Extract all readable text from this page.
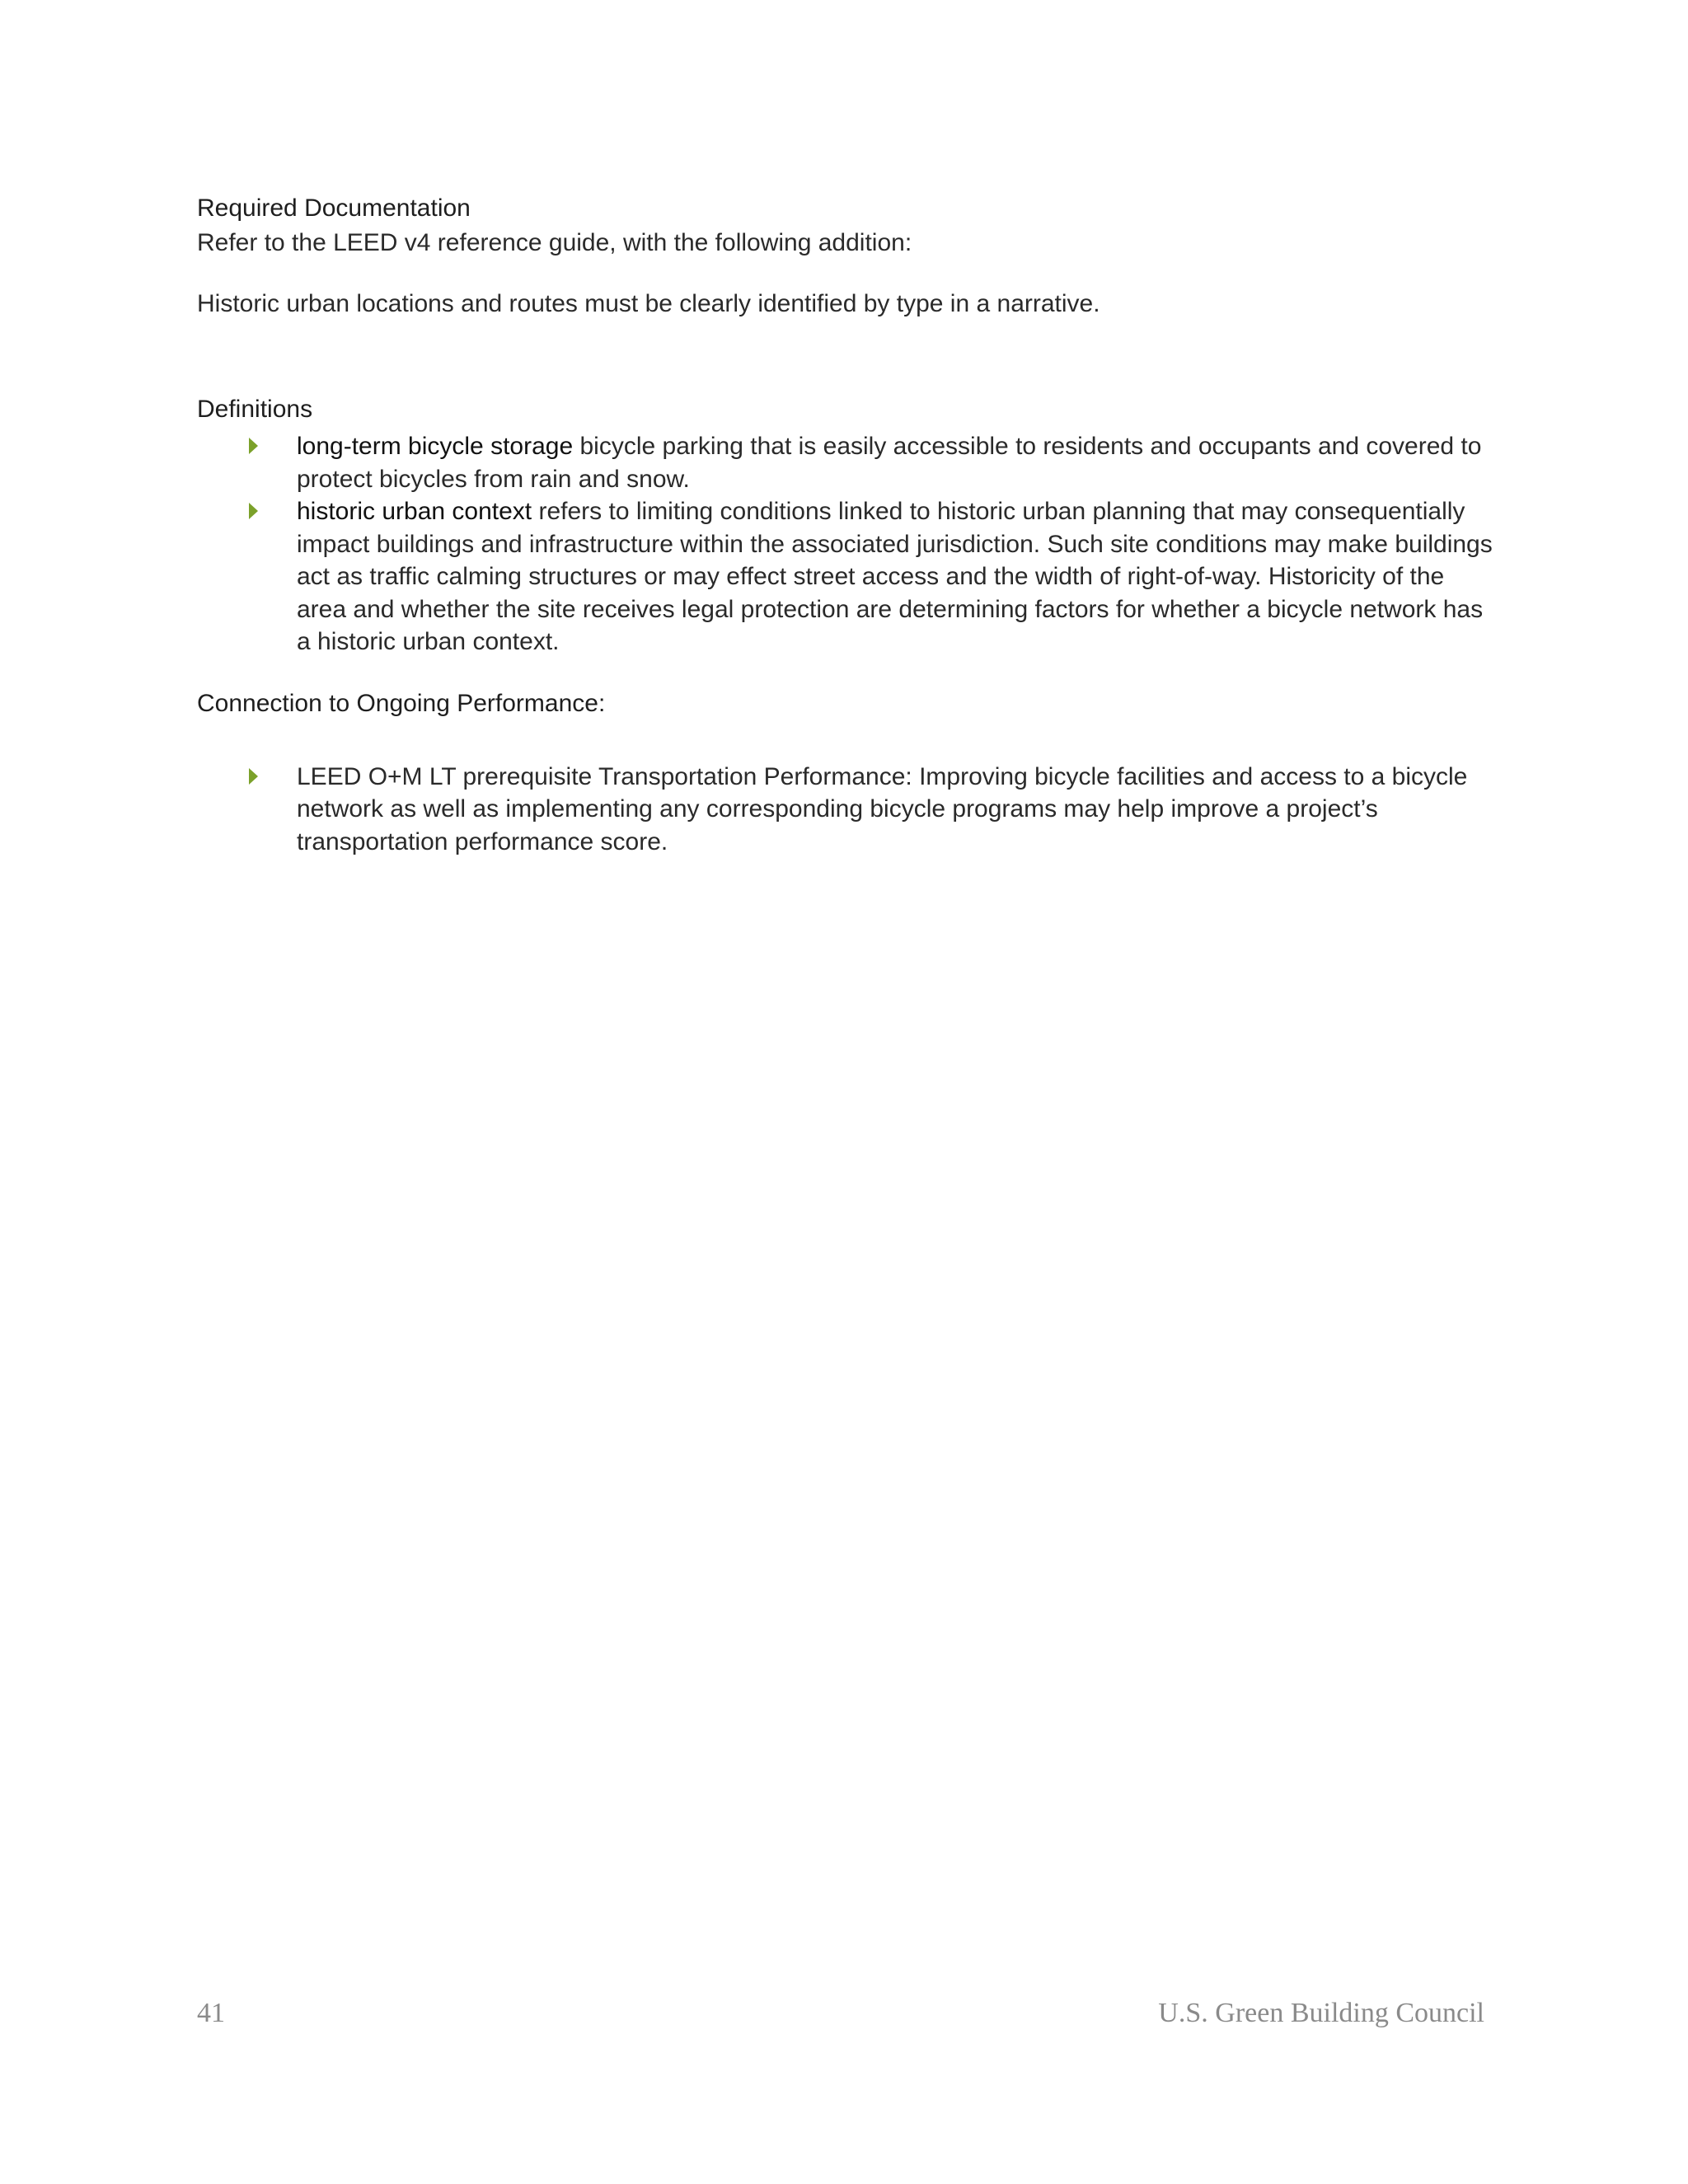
Required Documentation

Refer to the LEED v4 reference guide, with the following addition:

Historic urban locations and routes must be clearly identified by type in a narrative.

Definitions
long-term bicycle storage bicycle parking that is easily accessible to residents and occupants and covered to protect bicycles from rain and snow.
historic urban context refers to limiting conditions linked to historic urban planning that may consequentially impact buildings and infrastructure within the associated jurisdiction. Such site conditions may make buildings act as traffic calming structures or may effect street access and the width of right-of-way. Historicity of the area and whether the site receives legal protection are determining factors for whether a bicycle network has a historic urban context.
Connection to Ongoing Performance:
LEED O+M LT prerequisite Transportation Performance: Improving bicycle facilities and access to a bicycle network as well as implementing any corresponding bicycle programs may help improve a project’s transportation performance score.
41	U.S. Green Building Council
